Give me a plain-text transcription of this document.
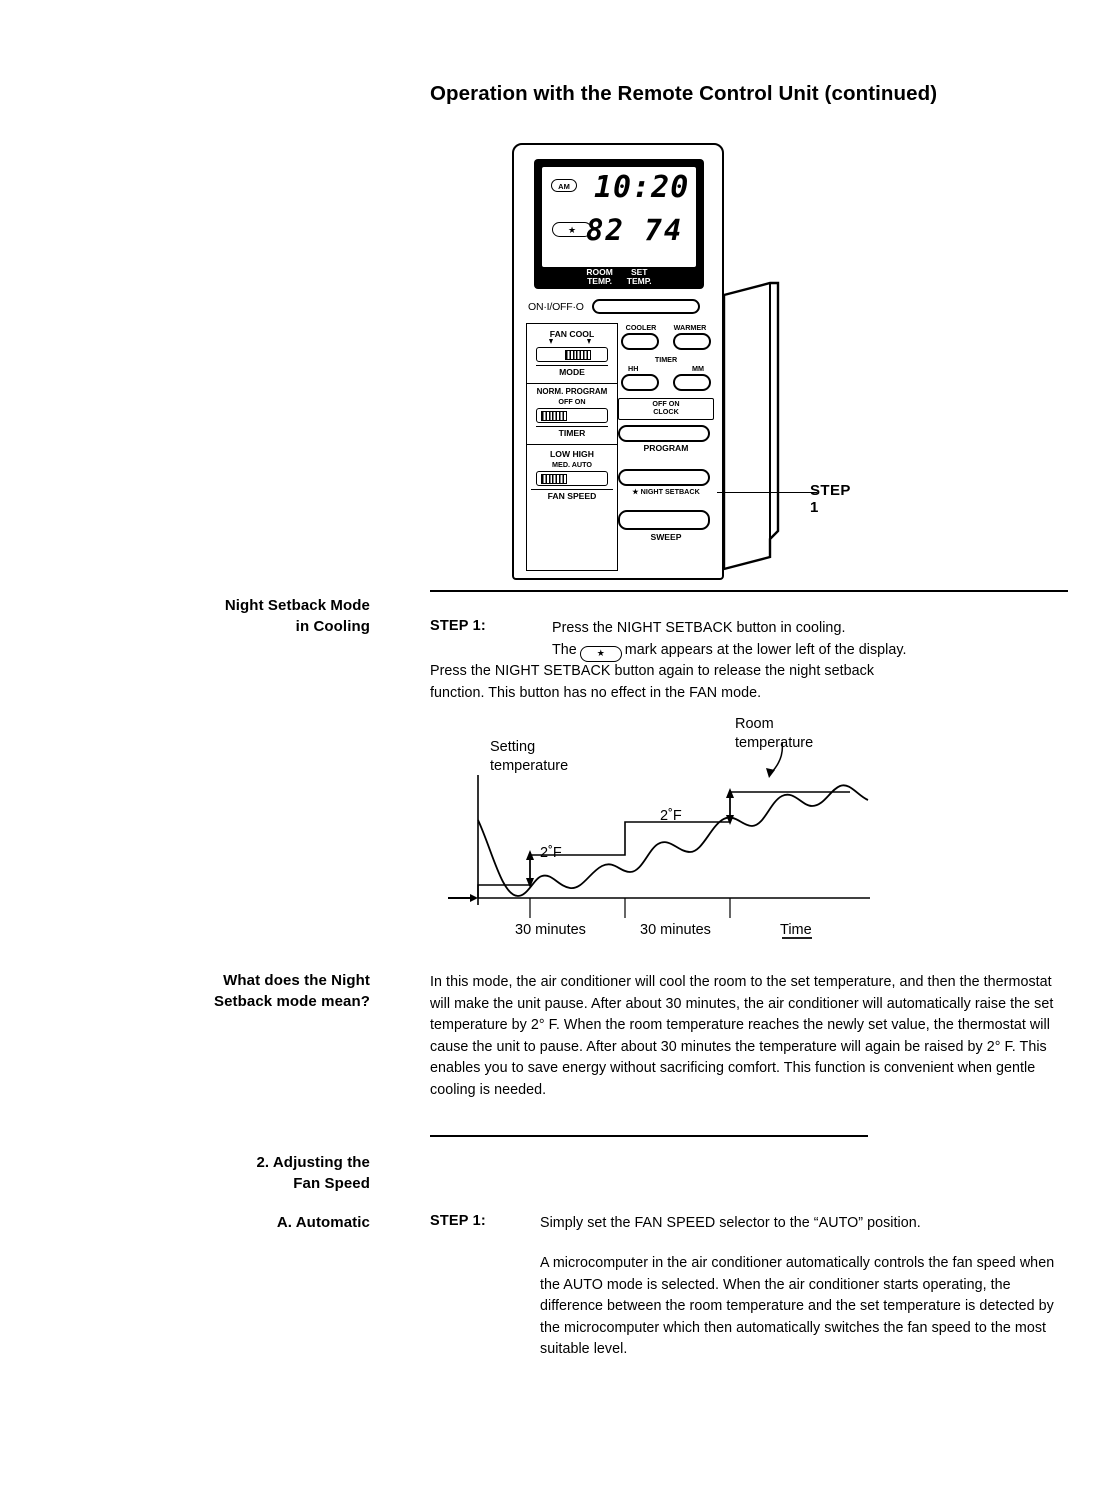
Operation with the Remote Control Unit (continued)
AM 10:20
★ 82 74
ROOM
TEMP.
SET
TEMP.
ON·I/OFF·O
FAN COOL
MODE
NORM. PROGRAM
OFF ON
TIMER
LOW HIGH
MED. AUTO
FAN SPEED
COOLER	WARMER
TIMER
HH	MM
OFF ON
CLOCK
PROGRAM
★ NIGHT SETBACK
SWEEP
STEP 1
Night Setback Mode
in Cooling	STEP 1:	Press the NIGHT SETBACK button in cooling.
The ★ mark appears at the lower left of the display.
Press the NIGHT SETBACK button again to release the night setback
function. This button has no effect in the FAN mode.
Setting
temperature
Room
temperature
2˚F
2˚F
30 minutes	30 minutes	Time
What does the Night
Setback mode mean?
In this mode, the air conditioner will cool the room to the set temperature, and then the thermostat will make the unit pause. After about 30 minutes, the air conditioner will automatically raise the set temperature by 2° F. When the room temperature reaches the newly set value, the thermostat will cause the unit to pause. After about 30 minutes the temperature will again be raised by 2° F. This enables you to save energy without sacrificing comfort. This function is convenient when gentle cooling is needed.
2. Adjusting the
Fan Speed
A. Automatic	STEP 1:	Simply set the FAN SPEED selector to the “AUTO” position.
A microcomputer in the air conditioner automatically controls the fan speed when the AUTO mode is selected. When the air conditioner starts operating, the difference between the room temperature and the set temperature is detected by the microcomputer which then automatically switches the fan speed to the most suitable level.
